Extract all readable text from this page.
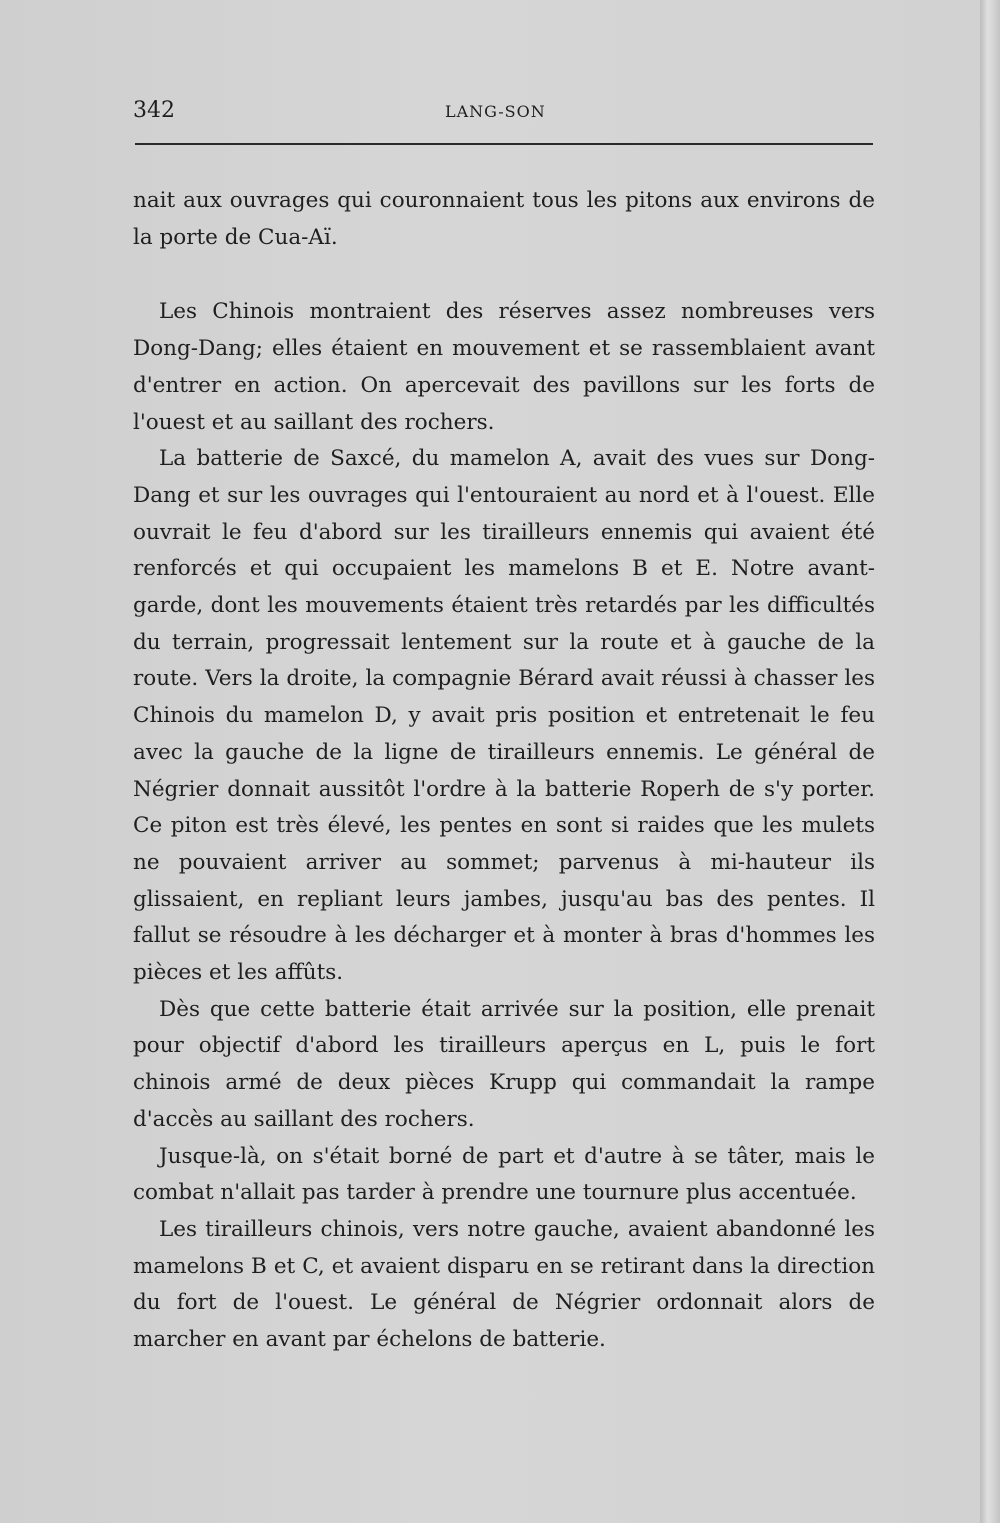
342	LANG-SON

nait aux ouvrages qui couronnaient tous les pitons aux environs de la porte de Cua-Aï.

Les Chinois montraient des réserves assez nombreuses vers Dong-Dang; elles étaient en mouvement et se rassemblaient avant d'entrer en action. On apercevait des pavillons sur les forts de l'ouest et au saillant des rochers.

La batterie de Saxcé, du mamelon A, avait des vues sur Dong-Dang et sur les ouvrages qui l'entouraient au nord et à l'ouest. Elle ouvrait le feu d'abord sur les tirailleurs ennemis qui avaient été renforcés et qui occupaient les mamelons B et E. Notre avant-garde, dont les mouvements étaient très retardés par les difficultés du terrain, progressait lentement sur la route et à gauche de la route. Vers la droite, la compagnie Bérard avait réussi à chasser les Chinois du mamelon D, y avait pris position et entretenait le feu avec la gauche de la ligne de tirailleurs ennemis. Le général de Négrier donnait aussitôt l'ordre à la batterie Roperh de s'y porter. Ce piton est très élevé, les pentes en sont si raides que les mulets ne pouvaient arriver au sommet; parvenus à mi-hauteur ils glissaient, en repliant leurs jambes, jusqu'au bas des pentes. Il fallut se résoudre à les décharger et à monter à bras d'hommes les pièces et les affûts.

Dès que cette batterie était arrivée sur la position, elle prenait pour objectif d'abord les tirailleurs aperçus en L, puis le fort chinois armé de deux pièces Krupp qui commandait la rampe d'accès au saillant des rochers.

Jusque-là, on s'était borné de part et d'autre à se tâter, mais le combat n'allait pas tarder à prendre une tournure plus accentuée.

Les tirailleurs chinois, vers notre gauche, avaient abandonné les mamelons B et C, et avaient disparu en se retirant dans la direction du fort de l'ouest. Le général de Négrier ordonnait alors de marcher en avant par échelons de batterie.
